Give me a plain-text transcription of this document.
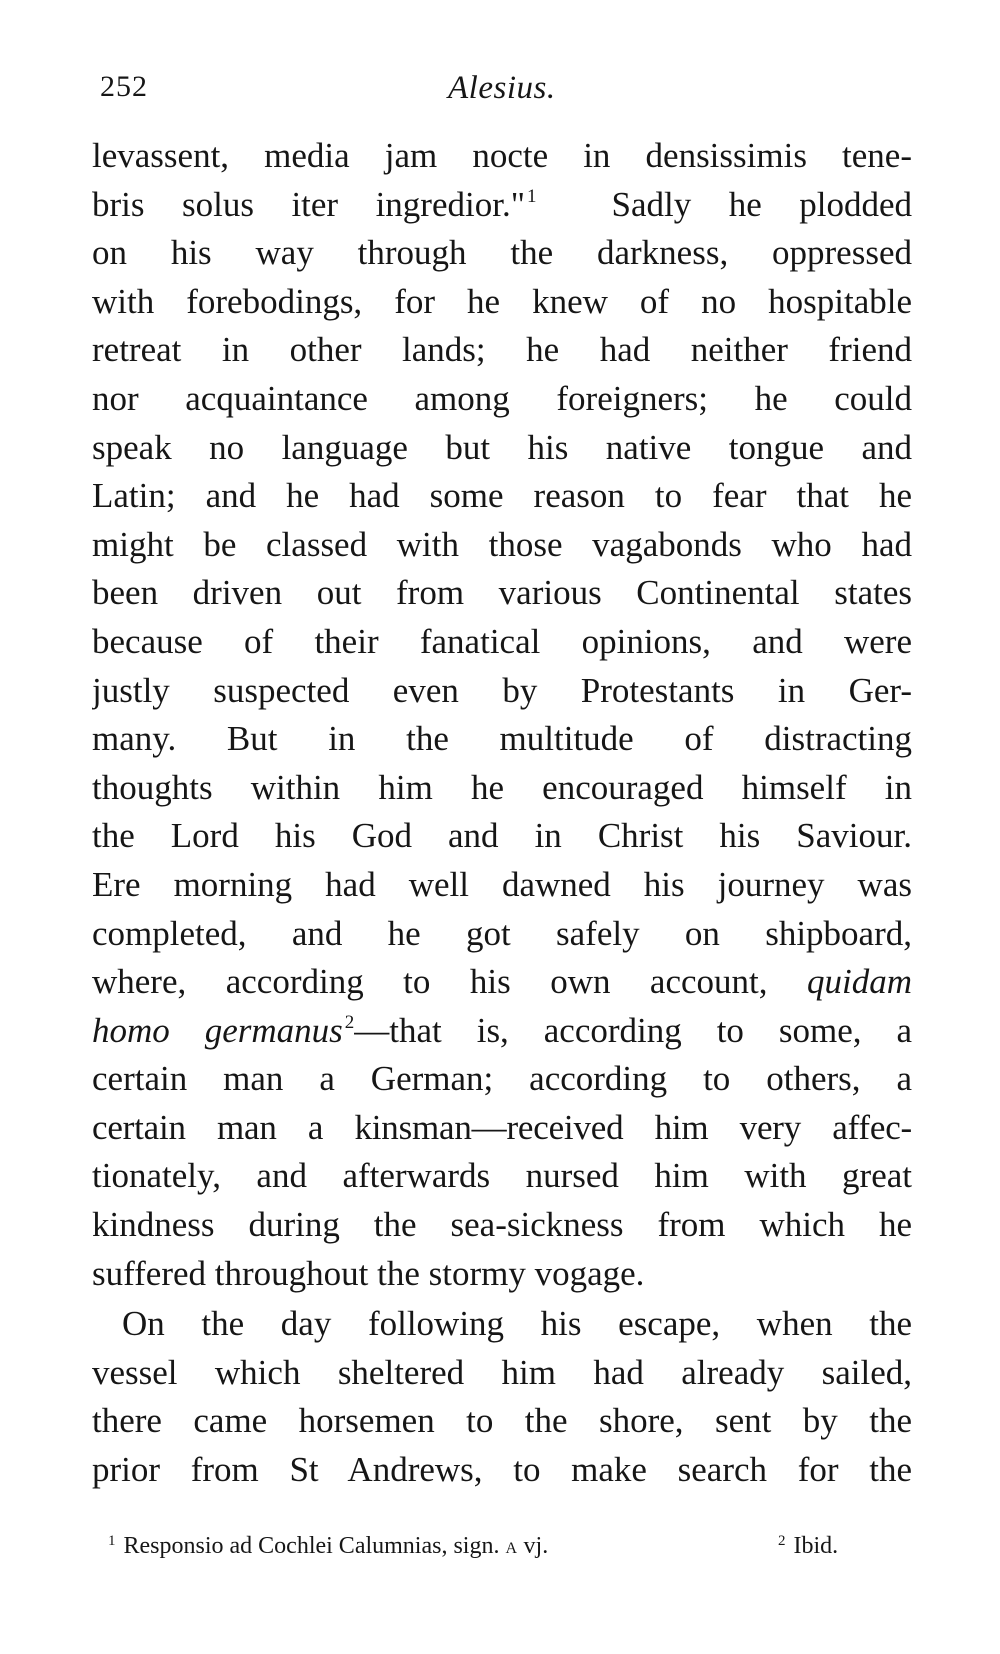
252	Alesius.
levassent, media jam nocte in densissimis tene-
bris solus iter ingredior." $^1$ Sadly he plodded
on his way through the darkness, oppressed
with forebodings, for he knew of no hospitable
retreat in other lands; he had neither friend
nor acquaintance among foreigners; he could
speak no language but his native tongue and
Latin; and he had some reason to fear that he
might be classed with those vagabonds who had
been driven out from various Continental states
because of their fanatical opinions, and were
justly suspected even by Protestants in Ger-
many. But in the multitude of distracting
thoughts within him he encouraged himself in
the Lord his God and in Christ his Saviour.
Ere morning had well dawned his journey was
completed, and he got safely on shipboard,
where, according to his own account, quidam
homo germanus $^2$—that is, according to some, a
certain man a German; according to others, a
certain man a kinsman—received him very affec-
tionately, and afterwards nursed him with great
kindness during the sea-sickness from which he
suffered throughout the stormy vogage.
On the day following his escape, when the
vessel which sheltered him had already sailed,
there came horsemen to the shore, sent by the
prior from St Andrews, to make search for the
$^1$ Responsio ad Cochlei Calumnias, sign. A vj.	$^2$ Ibid.
